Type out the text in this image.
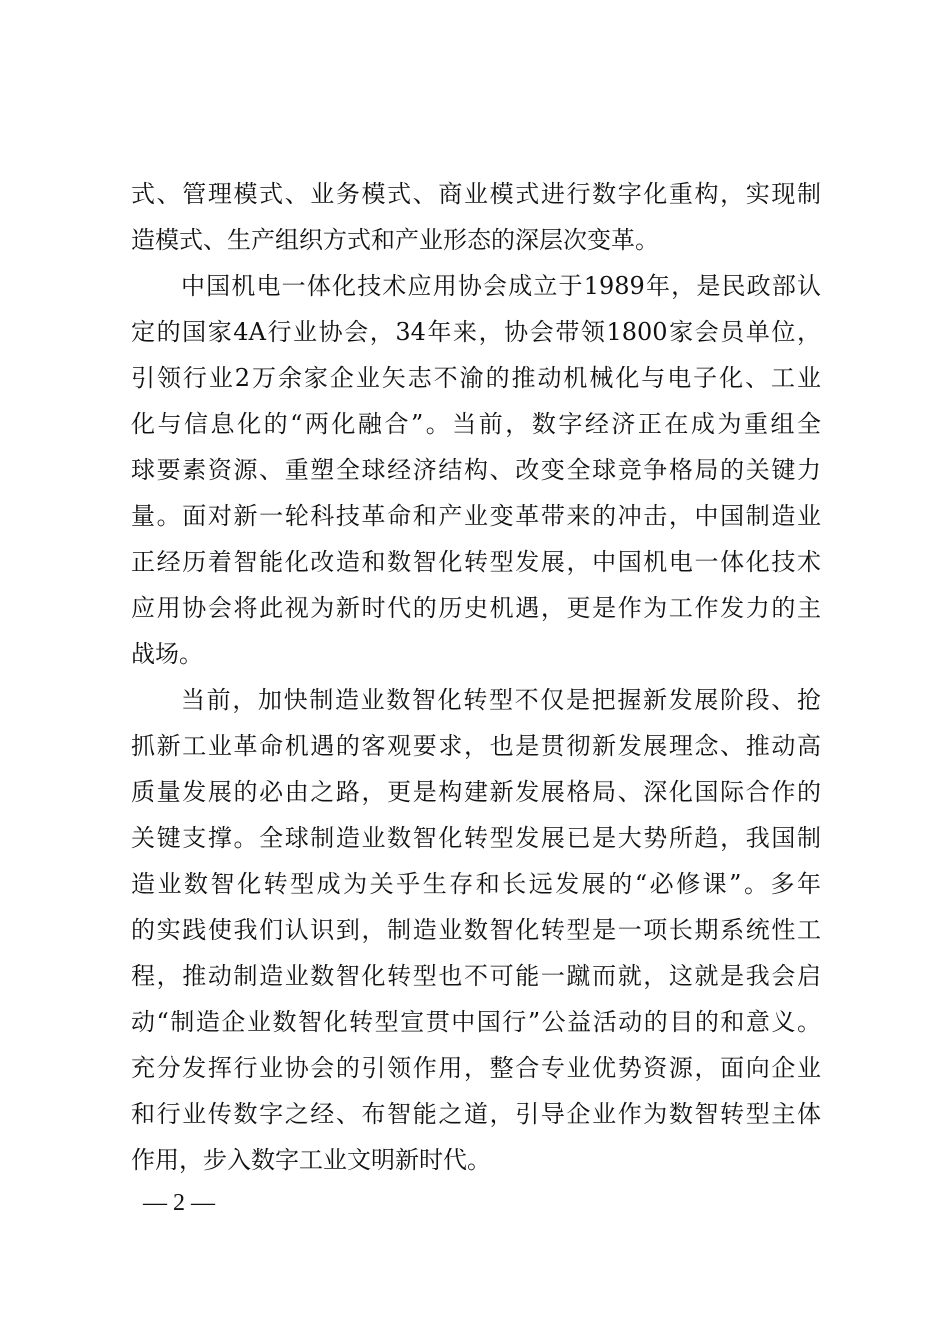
式、管理模式、业务模式、商业模式进行数字化重构，实现制

造模式、生产组织方式和产业形态的深层次变革。

中国机电一体化技术应用协会成立于1989年，是民政部认

定的国家4A行业协会，34年来，协会带领1800家会员单位，

引领行业2万余家企业矢志不渝的推动机械化与电子化、工业

化与信息化的“两化融合”。当前，数字经济正在成为重组全

球要素资源、重塑全球经济结构、改变全球竞争格局的关键力

量。面对新一轮科技革命和产业变革带来的冲击，中国制造业

正经历着智能化改造和数智化转型发展，中国机电一体化技术

应用协会将此视为新时代的历史机遇，更是作为工作发力的主

战场。

当前，加快制造业数智化转型不仅是把握新发展阶段、抢

抓新工业革命机遇的客观要求，也是贯彻新发展理念、推动高

质量发展的必由之路，更是构建新发展格局、深化国际合作的

关键支撑。全球制造业数智化转型发展已是大势所趋，我国制

造业数智化转型成为关乎生存和长远发展的“必修课”。多年

的实践使我们认识到，制造业数智化转型是一项长期系统性工

程，推动制造业数智化转型也不可能一蹴而就，这就是我会启

动“制造企业数智化转型宣贯中国行”公益活动的目的和意义。

充分发挥行业协会的引领作用，整合专业优势资源，面向企业

和行业传数字之经、布智能之道，引导企业作为数智转型主体

作用，步入数字工业文明新时代。

— 2 —
